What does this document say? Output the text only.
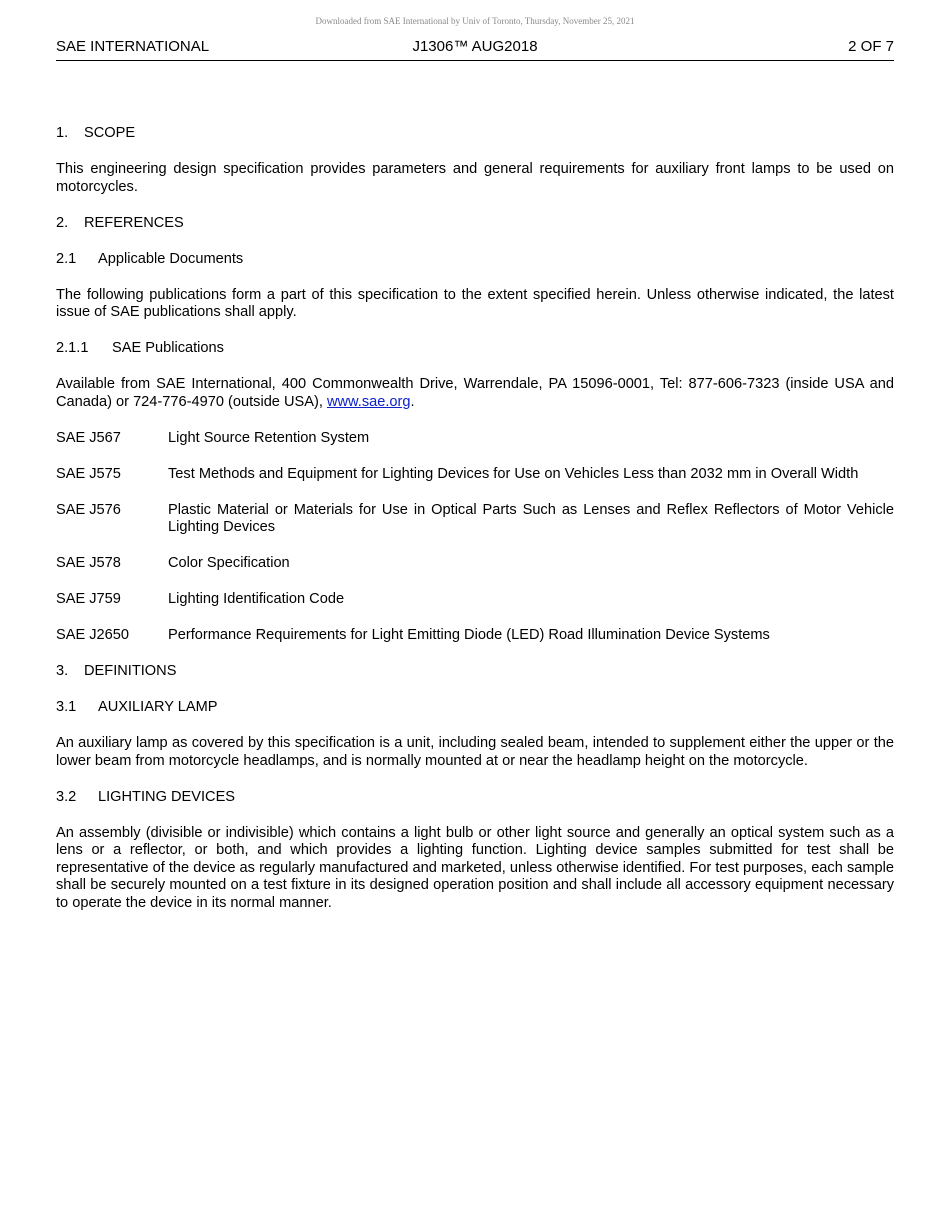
Downloaded from SAE International by Univ of Toronto, Thursday, November 25, 2021
SAE INTERNATIONAL	J1306™ AUG2018	2 OF 7
1. SCOPE

This engineering design specification provides parameters and general requirements for auxiliary front lamps to be used on motorcycles.

2. REFERENCES
2.1 Applicable Documents

The following publications form a part of this specification to the extent specified herein. Unless otherwise indicated, the latest issue of SAE publications shall apply.

2.1.1 SAE Publications

Available from SAE International, 400 Commonwealth Drive, Warrendale, PA 15096-0001, Tel: 877-606-7323 (inside USA and Canada) or 724-776-4970 (outside USA), www.sae.org.

SAE J567	Light Source Retention System
SAE J575	Test Methods and Equipment for Lighting Devices for Use on Vehicles Less than 2032 mm in Overall Width
SAE J576	Plastic Material or Materials for Use in Optical Parts Such as Lenses and Reflex Reflectors of Motor Vehicle Lighting Devices
SAE J578	Color Specification
SAE J759	Lighting Identification Code
SAE J2650	Performance Requirements for Light Emitting Diode (LED) Road Illumination Device Systems
3. DEFINITIONS
3.1 AUXILIARY LAMP

An auxiliary lamp as covered by this specification is a unit, including sealed beam, intended to supplement either the upper or the lower beam from motorcycle headlamps, and is normally mounted at or near the headlamp height on the motorcycle.

3.2 LIGHTING DEVICES

An assembly (divisible or indivisible) which contains a light bulb or other light source and generally an optical system such as a lens or a reflector, or both, and which provides a lighting function. Lighting device samples submitted for test shall be representative of the device as regularly manufactured and marketed, unless otherwise identified. For test purposes, each sample shall be securely mounted on a test fixture in its designed operation position and shall include all accessory equipment necessary to operate the device in its normal manner.
